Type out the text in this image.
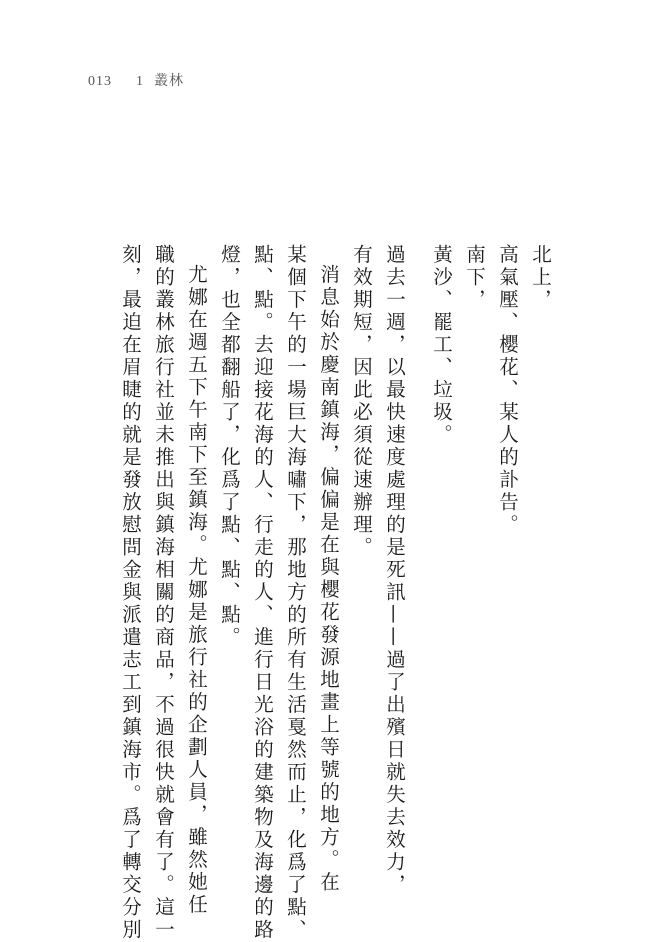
013 1 叢林
北上，
高氣壓、櫻花、某人的訃告。
南下，
黃沙、罷工、垃圾。
過去一週，以最快速度處理的是死訊——過了出殯日就失去效力，
有效期短，因此必須從速辦理。
消息始於慶南鎮海，偏偏是在與櫻花發源地畫上等號的地方。在
某個下午的一場巨大海嘯下，那地方的所有生活戛然而止，化爲了點、
點、點。去迎接花海的人、行走的人、進行日光浴的建築物及海邊的路
燈，也全都翻船了，化爲了點、點、點。
尤娜在週五下午南下至鎮海。尤娜是旅行社的企劃人員，雖然她任
職的叢林旅行社並未推出與鎮海相關的商品，不過很快就會有了。這一
刻，最迫在眉睫的就是發放慰問金與派遣志工到鎮海市。爲了轉交分別
